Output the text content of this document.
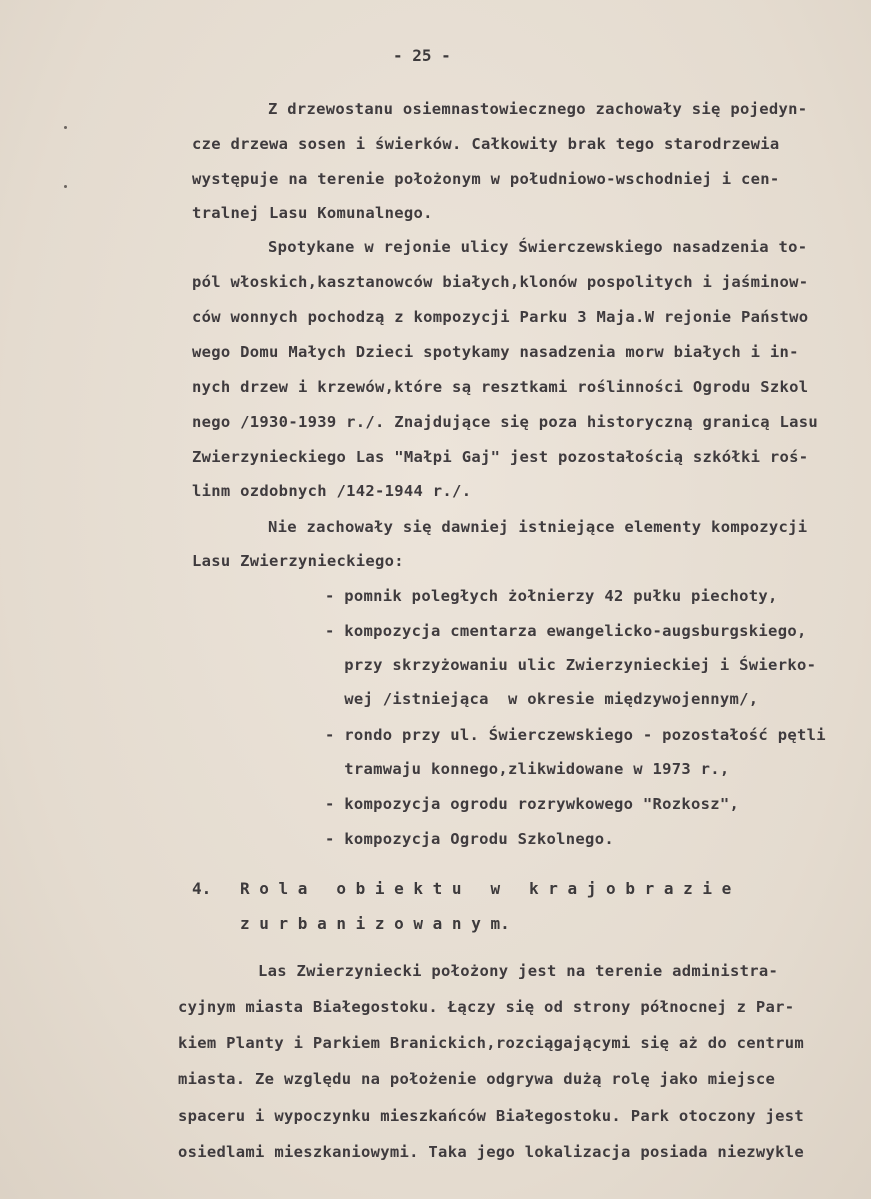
- 25 -
Z drzewostanu osiemnastowiecznego zachowały się pojedyn-
cze drzewa sosen i świerków. Całkowity brak tego starodrzewia
występuje na terenie położonym w południowo-wschodniej i cen-
tralnej Lasu Komunalnego.
Spotykane w rejonie ulicy Świerczewskiego nasadzenia to-
pól włoskich,kasztanowców białych,klonów pospolitych i jaśminow-
ców wonnych pochodzą z kompozycji Parku 3 Maja.W rejonie Państwo
wego Domu Małych Dzieci spotykamy nasadzenia morw białych i in-
nych drzew i krzewów,które są resztkami roślinności Ogrodu Szkol
nego /1930-1939 r./. Znajdujące się poza historyczną granicą Lasu
Zwierzynieckiego Las "Małpi Gaj" jest pozostałością szkółki roś-
linm ozdobnych /142-1944 r./.
Nie zachowały się dawniej istniejące elementy kompozycji
Lasu Zwierzynieckiego:
- pomnik poległych żołnierzy 42 pułku piechoty,
- kompozycja cmentarza ewangelicko-augsburgskiego,
przy skrzyżowaniu ulic Zwierzynieckiej i Świerko-
wej /istniejąca  w okresie międzywojennym/,
- rondo przy ul. Świerczewskiego - pozostałość pętli
tramwaju konnego,zlikwidowane w 1973 r.,
- kompozycja ogrodu rozrywkowego "Rozkosz",
- kompozycja Ogrodu Szkolnego.
4. R o l a   o b i e k t u   w   k r a j o b r a z i e
z u r b a n i z o w a n y m.
Las Zwierzyniecki położony jest na terenie administra-
cyjnym miasta Białegostoku. Łączy się od strony północnej z Par-
kiem Planty i Parkiem Branickich,rozciągającymi się aż do centrum
miasta. Ze względu na położenie odgrywa dużą rolę jako miejsce
spaceru i wypoczynku mieszkańców Białegostoku. Park otoczony jest
osiedlami mieszkaniowymi. Taka jego lokalizacja posiada niezwykle
